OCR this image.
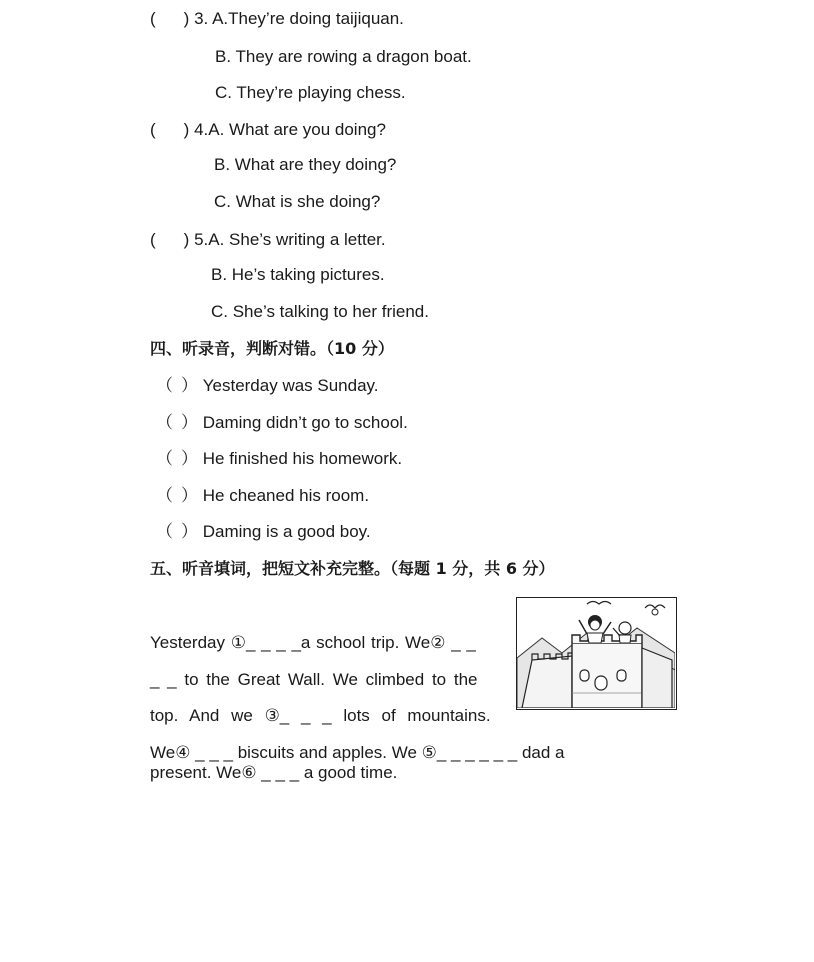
( ) 3. A.They’re doing taijiquan.
B. They are rowing a dragon boat.
C. They’re playing chess.
( ) 4.A. What are you doing?
B. What are they doing?
C. What is she doing?
( ) 5.A. She’s writing a letter.
B. He’s taking pictures.
C. She’s talking to her friend.
四、听录音，判断对错。（10 分）
（ ） Yesterday was Sunday.
（ ） Daming didn’t go to school.
（ ） He finished his homework.
（ ） He cheaned his room.
（ ） Daming is a good boy.
五、听音填词，把短文补充完整。（每题 1 分，共 6 分）
Yesterday ①_ _ _ _a school trip. We② _ _
_ _ to the Great Wall. We climbed to the
top. And we ③_ _ _ lots of mountains.
We④ _ _ _ biscuits and apples. We ⑤_ _ _ _ _ _ dad a
present. We⑥ _ _ _ a good time.
